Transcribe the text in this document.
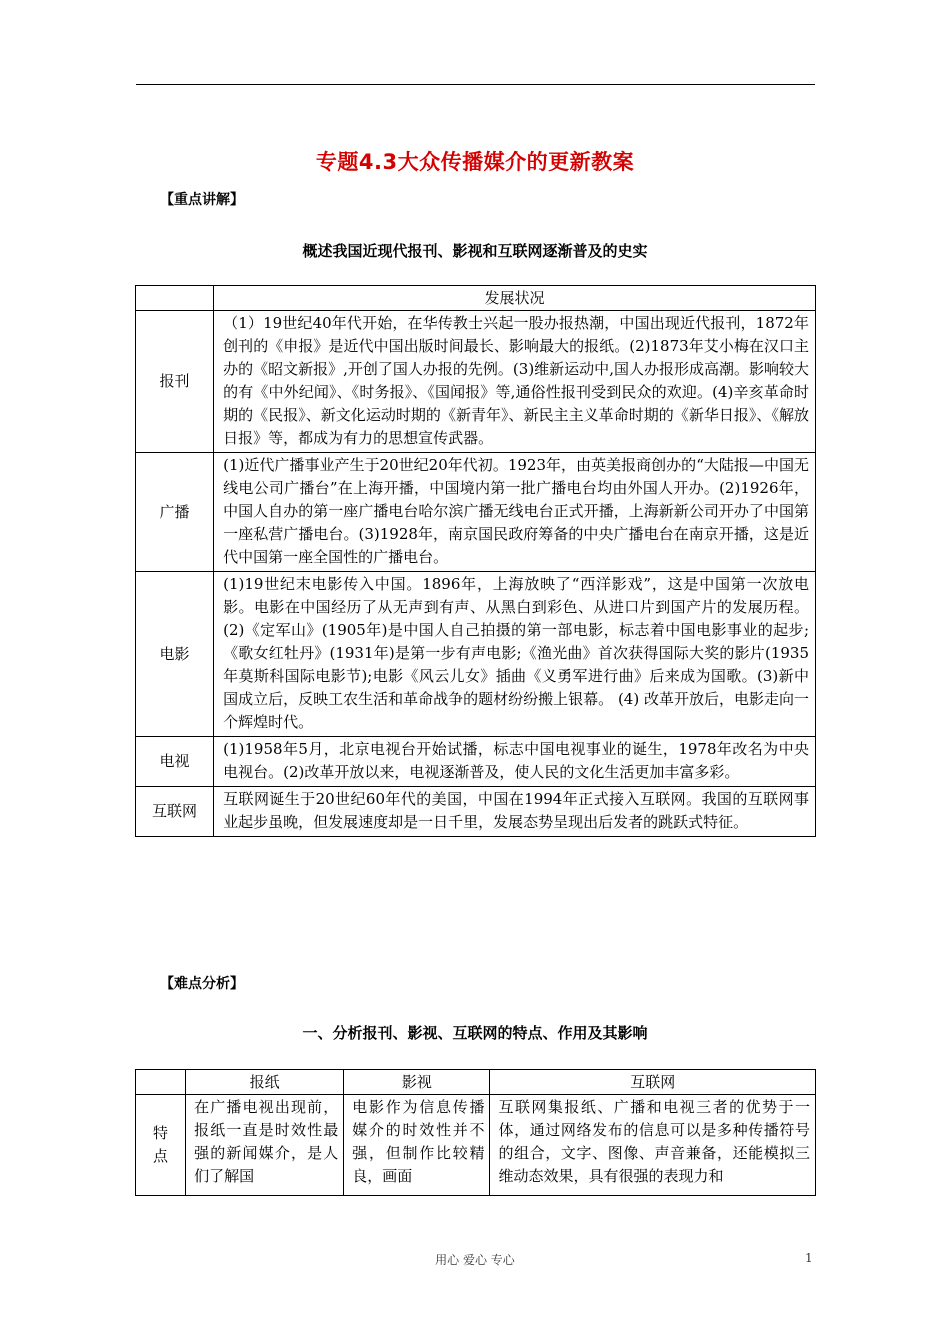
专题4.3大众传播媒介的更新教案
【重点讲解】
概述我国近现代报刊、影视和互联网逐渐普及的史实
	发展状况
报刊	（1）19世纪40年代开始，在华传教士兴起一股办报热潮，中国出现近代报刊，1872年创刊的《申报》是近代中国出版时间最长、影响最大的报纸。(2)1873年艾小梅在汉口主办的《昭文新报》,开创了国人办报的先例。(3)维新运动中,国人办报形成高潮。影响较大的有《中外纪闻》、《时务报》、《国闻报》等,通俗性报刊受到民众的欢迎。(4)辛亥革命时期的《民报》、新文化运动时期的《新青年》、新民主主义革命时期的《新华日报》、《解放日报》等，都成为有力的思想宣传武器。
广播	(1)近代广播事业产生于20世纪20年代初。1923年，由英美报商创办的“大陆报—中国无线电公司广播台”在上海开播，中国境内第一批广播电台均由外国人开办。(2)1926年，中国人自办的第一座广播电台哈尔滨广播无线电台正式开播，上海新新公司开办了中国第一座私营广播电台。(3)1928年，南京国民政府筹备的中央广播电台在南京开播，这是近代中国第一座全国性的广播电台。
电影	(1)19世纪末电影传入中国。1896年，上海放映了“西洋影戏”，这是中国第一次放电影。电影在中国经历了从无声到有声、从黑白到彩色、从进口片到国产片的发展历程。(2)《定军山》(1905年)是中国人自己拍摄的第一部电影，标志着中国电影事业的起步;《歌女红牡丹》(1931年)是第一步有声电影;《渔光曲》首次获得国际大奖的影片(1935年莫斯科国际电影节);电影《风云儿女》插曲《义勇军进行曲》后来成为国歌。(3)新中国成立后，反映工农生活和革命战争的题材纷纷搬上银幕。 (4) 改革开放后，电影走向一个辉煌时代。
电视	(1)1958年5月，北京电视台开始试播，标志中国电视事业的诞生，1978年改名为中央电视台。(2)改革开放以来，电视逐渐普及，使人民的文化生活更加丰富多彩。
互联网	互联网诞生于20世纪60年代的美国，中国在1994年正式接入互联网。我国的互联网事业起步虽晚，但发展速度却是一日千里，发展态势呈现出后发者的跳跃式特征。
【难点分析】
一、分析报刊、影视、互联网的特点、作用及其影响
	报纸	影视	互联网
特点	在广播电视出现前，报纸一直是时效性最强的新闻媒介，是人们了解国	电影作为信息传播媒介的时效性并不强，但制作比较精良，画面	互联网集报纸、广播和电视三者的优势于一体，通过网络发布的信息可以是多种传播符号的组合，文字、图像、声音兼备，还能模拟三维动态效果，具有很强的表现力和
用心 爱心 专心	1
